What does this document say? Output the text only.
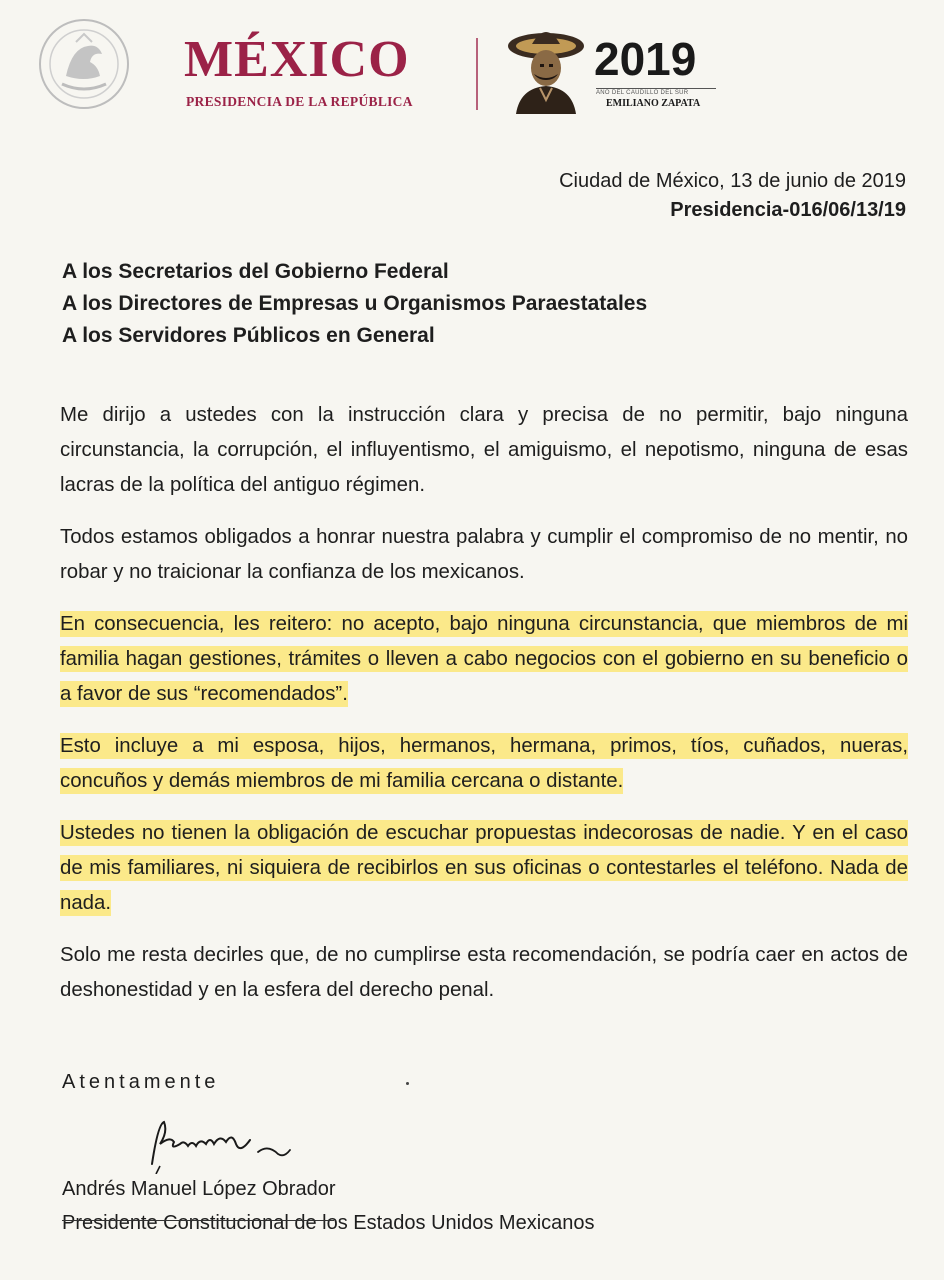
MÉXICO
PRESIDENCIA DE LA REPÚBLICA
2019
AÑO DEL CAUDILLO DEL SUR
EMILIANO ZAPATA
Ciudad de México, 13 de junio de 2019
Presidencia-016/06/13/19
A los Secretarios del Gobierno Federal
A los Directores de Empresas u Organismos Paraestatales
A los Servidores Públicos en General

Me dirijo a ustedes con la instrucción clara y precisa de no permitir, bajo ninguna circunstancia, la corrupción, el influyentismo, el amiguismo, el nepotismo, ninguna de esas lacras de la política del antiguo régimen.

Todos estamos obligados a honrar nuestra palabra y cumplir el compromiso de no mentir, no robar y no traicionar la confianza de los mexicanos.

En consecuencia, les reitero: no acepto, bajo ninguna circunstancia, que miembros de mi familia hagan gestiones, trámites o lleven a cabo negocios con el gobierno en su beneficio o a favor de sus “recomendados”.

Esto incluye a mi esposa, hijos, hermanos, hermana, primos, tíos, cuñados, nueras, concuños y demás miembros de mi familia cercana o distante.

Ustedes no tienen la obligación de escuchar propuestas indecorosas de nadie. Y en el caso de mis familiares, ni siquiera de recibirlos en sus oficinas o contestarles el teléfono. Nada de nada.

Solo me resta decirles que, de no cumplirse esta recomendación, se podría caer en actos de deshonestidad y en la esfera del derecho penal.

Atentamente
Andrés Manuel López Obrador
Presidente Constitucional de los Estados Unidos Mexicanos
